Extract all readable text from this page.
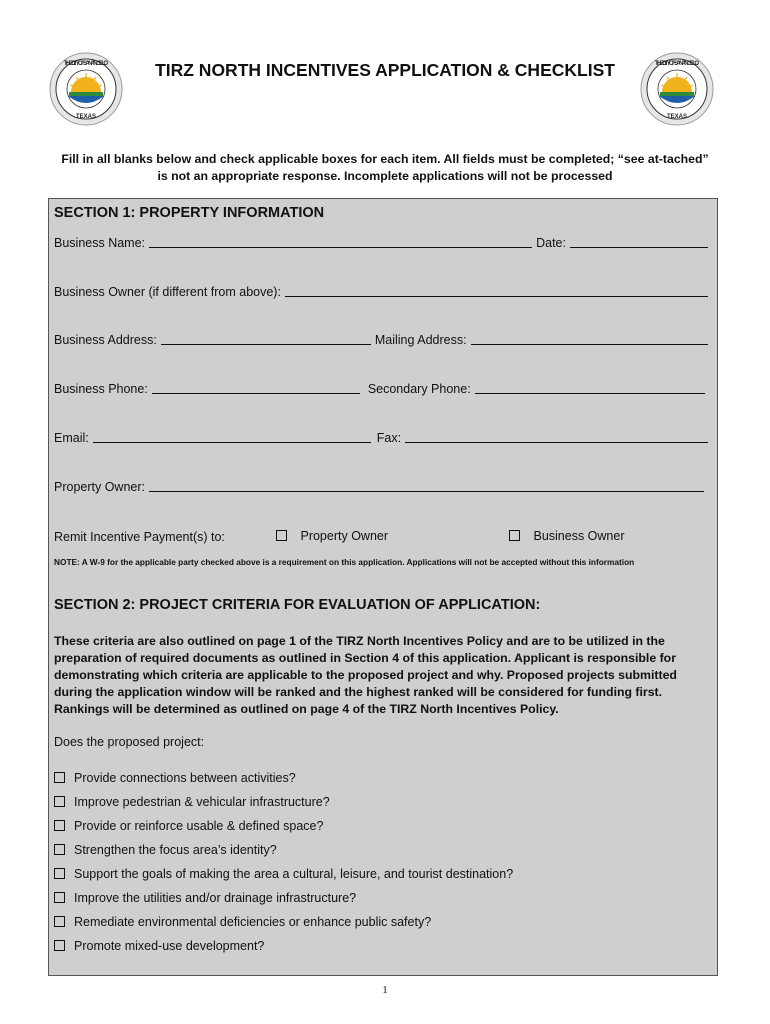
THE CITY OF SAN ANGELO
TEXAS
THE CITY OF SAN ANGELO
TEXAS
TIRZ NORTH INCENTIVES APPLICATION & CHECKLIST
Fill in all blanks below and check applicable boxes for each item. All fields must be completed; “see at-tached” is not an appropriate response. Incomplete applications will not be processed
SECTION 1: PROPERTY INFORMATION
Business Name:	Date:
Business Owner (if different from above):
Business Address:	Mailing Address:
Business Phone:	Secondary Phone:
Email:	Fax:
Property Owner:
Remit Incentive Payment(s) to:	Property Owner	Business Owner
NOTE: A W-9 for the applicable party checked above is a requirement on this application. Applications will not be accepted without this information
SECTION 2: PROJECT CRITERIA FOR EVALUATION OF APPLICATION:
These criteria are also outlined on page 1 of the TIRZ North Incentives Policy and are to be utilized in the preparation of required documents as outlined in Section 4 of this application. Applicant is responsible for demonstrating which criteria are applicable to the proposed project and why. Proposed projects submitted during the application window will be ranked and the highest ranked will be considered for funding first. Rankings will be determined as outlined on page 4 of the TIRZ North Incentives Policy.
Does the proposed project:
Provide connections between activities?
Improve pedestrian & vehicular infrastructure?
Provide or reinforce usable & defined space?
Strengthen the focus area’s identity?
Support the goals of making the area a cultural, leisure, and tourist destination?
Improve the utilities and/or drainage infrastructure?
Remediate environmental deficiencies or enhance public safety?
Promote mixed-use development?
1
